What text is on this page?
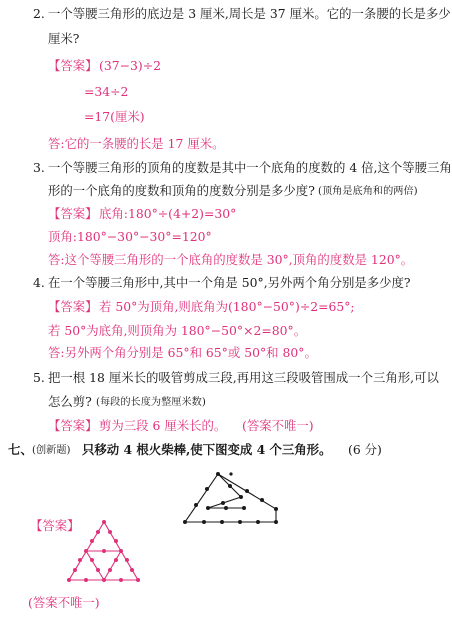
2. 一个等腰三角形的底边是 3 厘米,周长是 37 厘米。它的一条腰的长是多少
厘米?
【答案】 (37−3)÷2
=34÷2
=17(厘米)
答:它的一条腰的长是 17 厘米。
3. 一个等腰三角形的顶角的度数是其中一个底角的度数的 4 倍,这个等腰三角
形的一个底角的度数和顶角的度数分别是多少度? (顶角是底角和的两倍)
【答案】 底角:180°÷(4+2)=30°
顶角:180°−30°−30°=120°
答:这个等腰三角形的一个底角的度数是 30°,顶角的度数是 120°。
4. 在一个等腰三角形中,其中一个角是 50°,另外两个角分别是多少度?
【答案】 若 50°为顶角,则底角为(180°−50°)÷2=65°;
若 50°为底角,则顶角为 180°−50°×2=80°。
答:另外两个角分别是 65°和 65°或 50°和 80°。
5. 把一根 18 厘米长的吸管剪成三段,再用这三段吸管围成一个三角形,可以
怎么剪? (每段的长度为整厘米数)
【答案】 剪为三段 6 厘米长的。 (答案不唯一)
七、 (创新题) 只移动 4 根火柴棒,使下图变成 4 个三角形。 (6 分)
【答案】
(答案不唯一)
